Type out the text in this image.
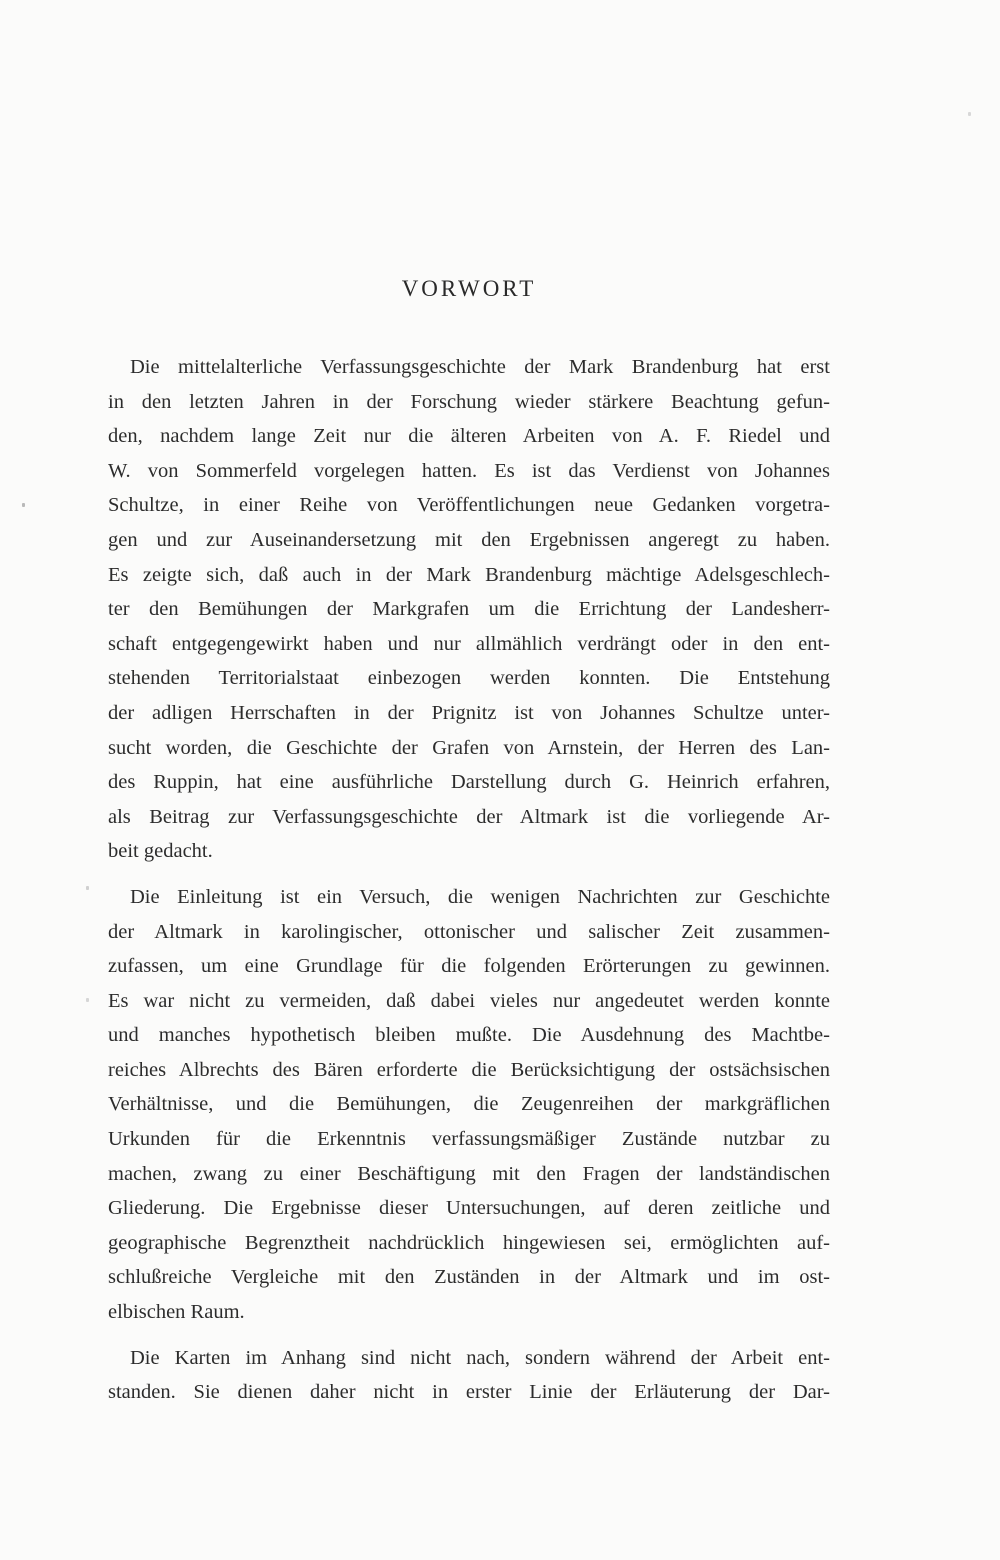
VORWORT

Die mittelalterliche Verfassungsgeschichte der Mark Brandenburg hat erst
in den letzten Jahren in der Forschung wieder stärkere Beachtung gefun-
den, nachdem lange Zeit nur die älteren Arbeiten von A. F. Riedel und
W. von Sommerfeld vorgelegen hatten. Es ist das Verdienst von Johannes
Schultze, in einer Reihe von Veröffentlichungen neue Gedanken vorgetra-
gen und zur Auseinandersetzung mit den Ergebnissen angeregt zu haben.
Es zeigte sich, daß auch in der Mark Brandenburg mächtige Adelsgeschlech-
ter den Bemühungen der Markgrafen um die Errichtung der Landesherr-
schaft entgegengewirkt haben und nur allmählich verdrängt oder in den ent-
stehenden Territorialstaat einbezogen werden konnten. Die Entstehung
der adligen Herrschaften in der Prignitz ist von Johannes Schultze unter-
sucht worden, die Geschichte der Grafen von Arnstein, der Herren des Lan-
des Ruppin, hat eine ausführliche Darstellung durch G. Heinrich erfahren,
als Beitrag zur Verfassungsgeschichte der Altmark ist die vorliegende Ar-
beit gedacht.

Die Einleitung ist ein Versuch, die wenigen Nachrichten zur Geschichte
der Altmark in karolingischer, ottonischer und salischer Zeit zusammen-
zufassen, um eine Grundlage für die folgenden Erörterungen zu gewinnen.
Es war nicht zu vermeiden, daß dabei vieles nur angedeutet werden konnte
und manches hypothetisch bleiben mußte. Die Ausdehnung des Machtbe-
reiches Albrechts des Bären erforderte die Berücksichtigung der ostsächsischen
Verhältnisse, und die Bemühungen, die Zeugenreihen der markgräflichen
Urkunden für die Erkenntnis verfassungsmäßiger Zustände nutzbar zu
machen, zwang zu einer Beschäftigung mit den Fragen der landständischen
Gliederung. Die Ergebnisse dieser Untersuchungen, auf deren zeitliche und
geographische Begrenztheit nachdrücklich hingewiesen sei, ermöglichten auf-
schlußreiche Vergleiche mit den Zuständen in der Altmark und im ost-
elbischen Raum.

Die Karten im Anhang sind nicht nach, sondern während der Arbeit ent-
standen. Sie dienen daher nicht in erster Linie der Erläuterung der Dar-
